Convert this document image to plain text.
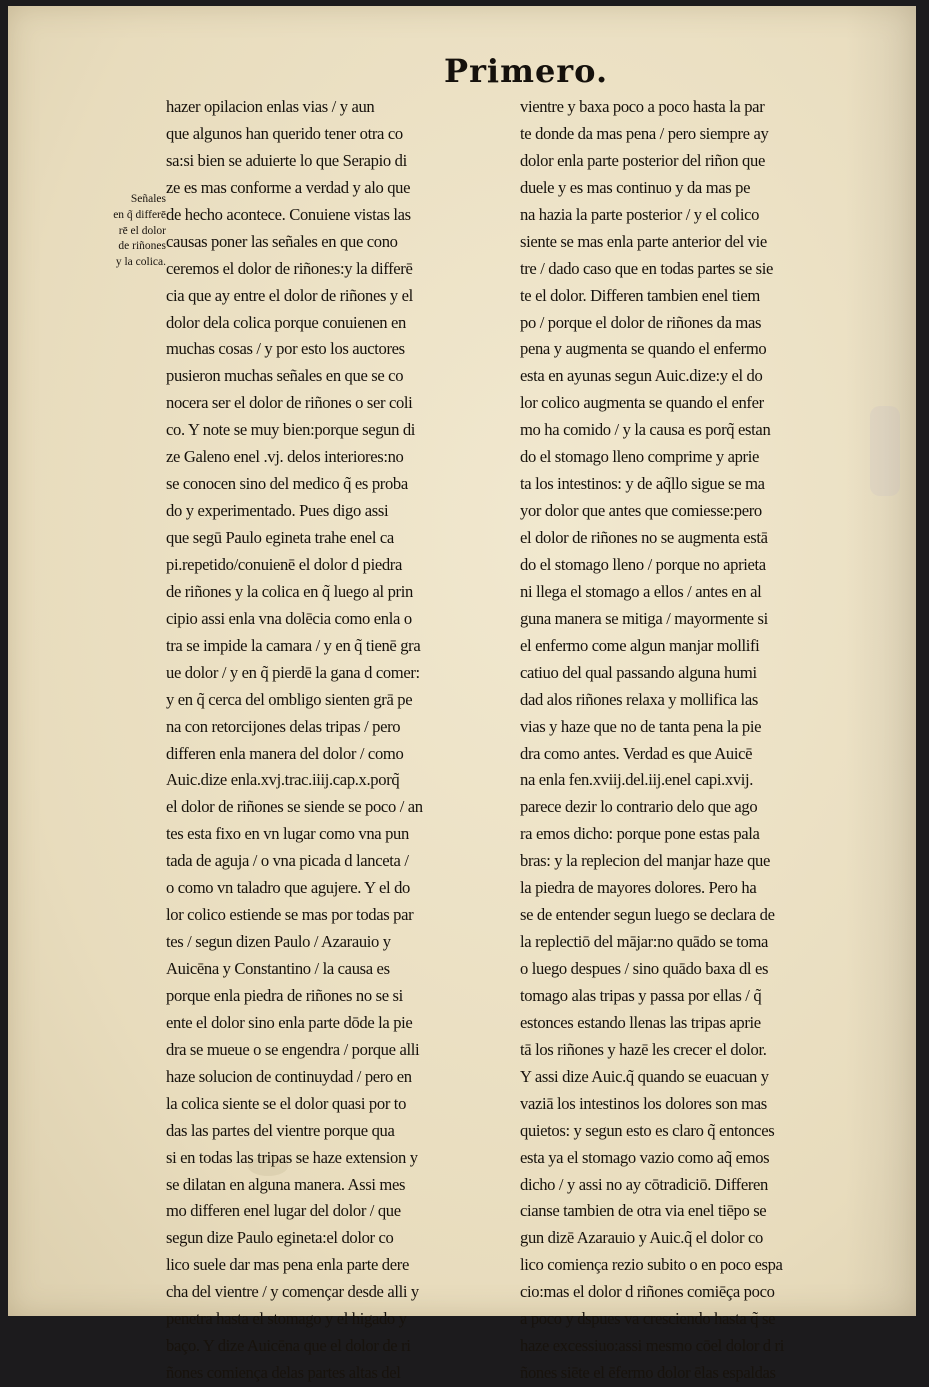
Primero.
Señales
en q̃ differē
rē el dolor
de riñones
y la colica.
hazer opilacion enlas vias / y aun
que algunos han querido tener otra co
sa:si bien se aduierte lo que Serapio di
ze es mas conforme a verdad y alo que
de hecho acontece. Conuiene vistas las
causas poner las señales en que cono
ceremos el dolor de riñones:y la differē
cia que ay entre el dolor de riñones y el
dolor dela colica porque conuienen en
muchas cosas / y por esto los auctores
pusieron muchas señales en que se co
nocera ser el dolor de riñones o ser coli
co. Y note se muy bien:porque segun di
ze Galeno enel .vj. delos interiores:no
se conocen sino del medico q̃ es proba
do y experimentado. Pues digo assi
que segū Paulo egineta trahe enel ca
pi.repetido/conuienē el dolor d piedra
de riñones y la colica en q̃ luego al prin
cipio assi enla vna dolēcia como enla o
tra se impide la camara / y en q̃ tienē gra
ue dolor / y en q̃ pierdē la gana d comer:
y en q̃ cerca del ombligo sienten grā pe
na con retorcijones delas tripas / pero
differen enla manera del dolor / como
Auic.dize enla.xvj.trac.iiij.cap.x.porq̃
el dolor de riñones se siende se poco / an
tes esta fixo en vn lugar como vna pun
tada de aguja / o vna picada d lanceta /
o como vn taladro que agujere. Y el do
lor colico estiende se mas por todas par
tes / segun dizen Paulo / Azarauio y
Auicēna y Constantino / la causa es
porque enla piedra de riñones no se si
ente el dolor sino enla parte dōde la pie
dra se mueue o se engendra / porque alli
haze solucion de continuydad / pero en
la colica siente se el dolor quasi por to
das las partes del vientre porque qua
si en todas las tripas se haze extension y
se dilatan en alguna manera. Assi mes
mo differen enel lugar del dolor / que
segun dize Paulo egineta:el dolor co
lico suele dar mas pena enla parte dere
cha del vientre / y començar desde alli y
penetra hasta el stomago y el higado y
baço. Y dize Auicēna que el dolor de ri
ñones comiença delas partes altas del
vientre y baxa poco a poco hasta la par
te donde da mas pena / pero siempre ay
dolor enla parte posterior del riñon que
duele y es mas continuo y da mas pe
na hazia la parte posterior / y el colico
siente se mas enla parte anterior del vie
tre / dado caso que en todas partes se sie
te el dolor. Differen tambien enel tiem
po / porque el dolor de riñones da mas
pena y augmenta se quando el enfermo
esta en ayunas segun Auic.dize:y el do
lor colico augmenta se quando el enfer
mo ha comido / y la causa es porq̃ estan
do el stomago lleno comprime y aprie
ta los intestinos: y de aq̃llo sigue se ma
yor dolor que antes que comiesse:pero
el dolor de riñones no se augmenta estā
do el stomago lleno / porque no aprieta
ni llega el stomago a ellos / antes en al
guna manera se mitiga / mayormente si
el enfermo come algun manjar mollifi
catiuo del qual passando alguna humi
dad alos riñones relaxa y mollifica las
vias y haze que no de tanta pena la pie
dra como antes. Verdad es que Auicē
na enla fen.xviij.del.iij.enel capi.xvij.
parece dezir lo contrario delo que ago
ra emos dicho: porque pone estas pala
bras: y la replecion del manjar haze que
la piedra de mayores dolores. Pero ha
se de entender segun luego se declara de
la replectiō del mājar:no quādo se toma
o luego despues / sino quādo baxa dl es
tomago alas tripas y passa por ellas / q̃
estonces estando llenas las tripas aprie
tā los riñones y hazē les crecer el dolor.
Y assi dize Auic.q̃ quando se euacuan y
vaziā los intestinos los dolores son mas
quietos: y segun esto es claro q̃ entonces
esta ya el stomago vazio como aq̃ emos
dicho / y assi no ay cōtradiciō. Differen
cianse tambien de otra via enel tiēpo se
gun dizē Azarauio y Auic.q̃ el dolor co
lico comiença rezio subito o en poco espa
cio:mas el dolor d riñones comiēça poco
a poco y dspues va cresciendo hasta q̃ se
haze excessiuo:assi mesmo cōel dolor d ri
ñones siēte el ēfermo dolor ēlas espaldas
